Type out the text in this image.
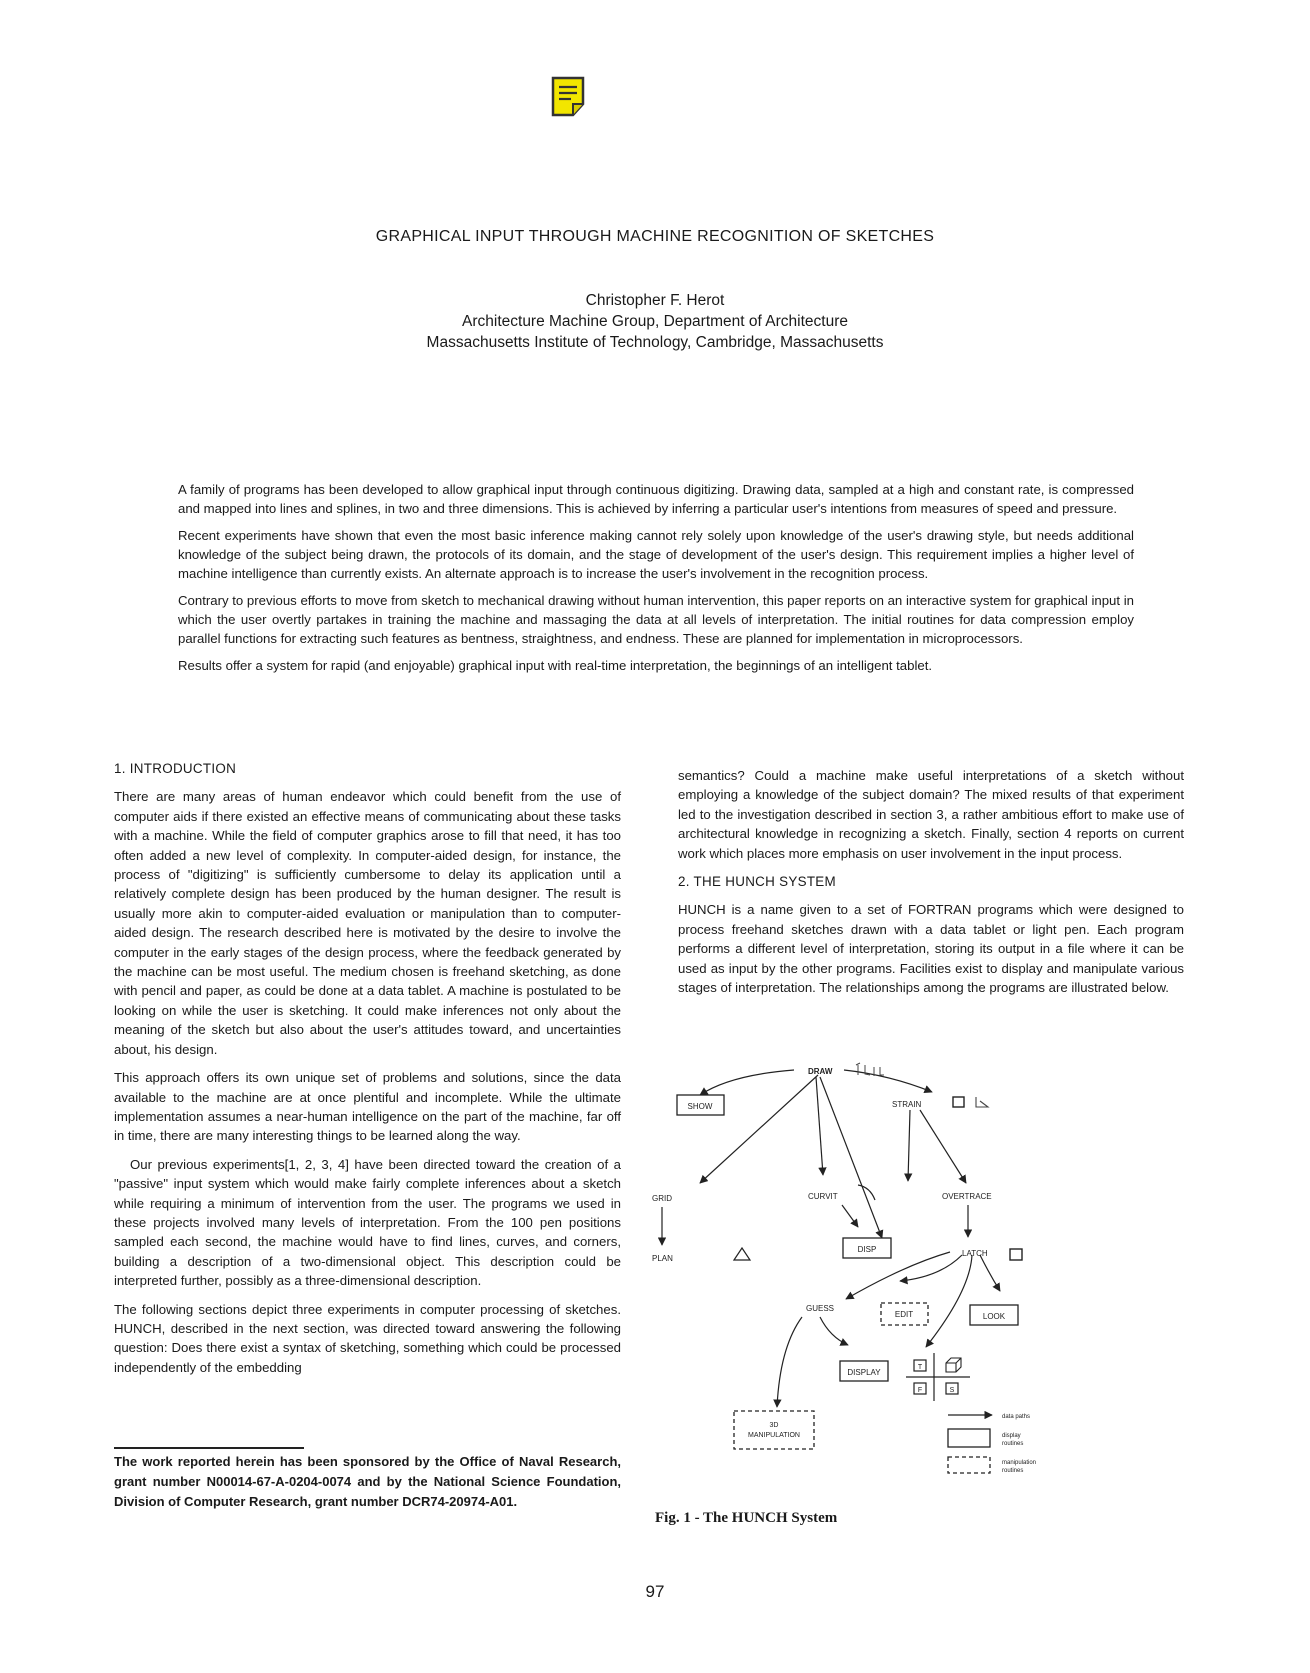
GRAPHICAL INPUT THROUGH MACHINE RECOGNITION OF SKETCHES
Christopher F. Herot
Architecture Machine Group, Department of Architecture
Massachusetts Institute of Technology, Cambridge, Massachusetts

A family of programs has been developed to allow graphical input through continuous digitizing. Drawing data, sampled at a high and constant rate, is compressed and mapped into lines and splines, in two and three dimensions. This is achieved by inferring a particular user's intentions from measures of speed and pressure.

Recent experiments have shown that even the most basic inference making cannot rely solely upon knowledge of the user's drawing style, but needs additional knowledge of the subject being drawn, the protocols of its domain, and the stage of development of the user's design. This requirement implies a higher level of machine intelligence than currently exists. An alternate approach is to increase the user's involvement in the recognition process.

Contrary to previous efforts to move from sketch to mechanical drawing without human intervention, this paper reports on an interactive system for graphical input in which the user overtly partakes in training the machine and massaging the data at all levels of interpretation. The initial routines for data compression employ parallel functions for extracting such features as bentness, straightness, and endness. These are planned for implementation in microprocessors.

Results offer a system for rapid (and enjoyable) graphical input with real-time interpretation, the beginnings of an intelligent tablet.

1. INTRODUCTION

There are many areas of human endeavor which could benefit from the use of computer aids if there existed an effective means of communicating about these tasks with a machine. While the field of computer graphics arose to fill that need, it has too often added a new level of complexity. In computer-aided design, for instance, the process of "digitizing" is sufficiently cumbersome to delay its application until a relatively complete design has been produced by the human designer. The result is usually more akin to computer-aided evaluation or manipulation than to computer-aided design. The research described here is motivated by the desire to involve the computer in the early stages of the design process, where the feedback generated by the machine can be most useful. The medium chosen is freehand sketching, as done with pencil and paper, as could be done at a data tablet. A machine is postulated to be looking on while the user is sketching. It could make inferences not only about the meaning of the sketch but also about the user's attitudes toward, and uncertainties about, his design.

This approach offers its own unique set of problems and solutions, since the data available to the machine are at once plentiful and incomplete. While the ultimate implementation assumes a near-human intelligence on the part of the machine, far off in time, there are many interesting things to be learned along the way.

Our previous experiments[1, 2, 3, 4] have been directed toward the creation of a "passive" input system which would make fairly complete inferences about a sketch while requiring a minimum of intervention from the user. The programs we used in these projects involved many levels of interpretation. From the 100 pen positions sampled each second, the machine would have to find lines, curves, and corners, building a description of a two-dimensional object. This description could be interpreted further, possibly as a three-dimensional description.

The following sections depict three experiments in computer processing of sketches. HUNCH, described in the next section, was directed toward answering the following question: Does there exist a syntax of sketching, something which could be processed independently of the embedding

The work reported herein has been sponsored by the Office of Naval Research, grant number N00014-67-A-0204-0074 and by the National Science Foundation, Division of Computer Research, grant number DCR74-20974-A01.

semantics? Could a machine make useful interpretations of a sketch without employing a knowledge of the subject domain? The mixed results of that experiment led to the investigation described in section 3, a rather ambitious effort to make use of architectural knowledge in recognizing a sketch. Finally, section 4 reports on current work which places more emphasis on user involvement in the input process.

2. THE HUNCH SYSTEM

HUNCH is a name given to a set of FORTRAN programs which were designed to process freehand sketches drawn with a data tablet or light pen. Each program performs a different level of interpretation, storing its output in a file where it can be used as input by the other programs. Facilities exist to display and manipulate various stages of interpretation. The relationships among the programs are illustrated below.

DRAW
SHOW	STRAIN
GRID	CURVIT	OVERTRACE
PLAN
DISP	LATCH
EDIT	LOOK
GUESS
DISPLAY
T
F	S
3D
MANIPULATION
data paths
display
routines
manipulation
routines
Fig. 1 - The HUNCH System
97
